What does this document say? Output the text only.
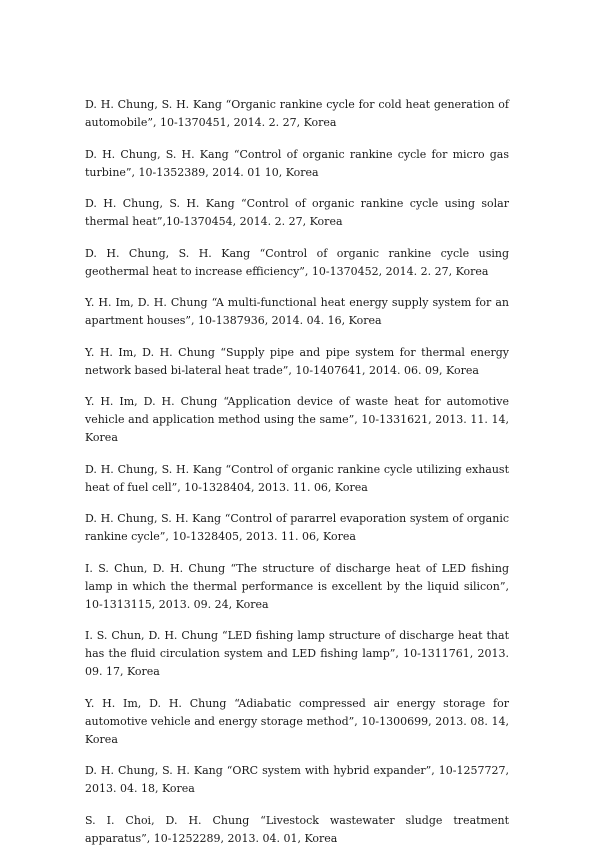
D. H. Chung, S. H. Kang “Organic rankine cycle for cold heat generation of automobile”, 10-1370451, 2014. 2. 27, Korea
D. H. Chung, S. H. Kang “Control of organic rankine cycle for micro gas turbine”, 10-1352389, 2014. 01 10, Korea
D. H. Chung, S. H. Kang “Control of organic rankine cycle using solar thermal heat”,10-1370454, 2014. 2. 27, Korea
D. H. Chung, S. H. Kang “Control of organic rankine cycle using geothermal heat to increase efficiency”, 10-1370452, 2014. 2. 27, Korea
Y. H. Im, D. H. Chung “A multi-functional heat energy supply system for an apartment houses”, 10-1387936, 2014. 04. 16, Korea
Y. H. Im, D. H. Chung “Supply pipe and pipe system for thermal energy network based bi-lateral heat trade”, 10-1407641, 2014. 06. 09, Korea
Y. H. Im, D. H. Chung “Application device of waste heat for automotive vehicle and application method using the same”, 10-1331621, 2013. 11. 14, Korea
D. H. Chung, S. H. Kang “Control of organic rankine cycle utilizing exhaust heat of fuel cell”, 10-1328404, 2013. 11. 06, Korea
D. H. Chung, S. H. Kang “Control of pararrel evaporation system of organic rankine cycle”, 10-1328405, 2013. 11. 06, Korea
I. S. Chun, D. H. Chung “The structure of discharge heat of LED fishing lamp in which the thermal performance is excellent by the liquid silicon”, 10-1313115, 2013. 09. 24, Korea
I. S. Chun, D. H. Chung “LED fishing lamp structure of discharge heat that has the fluid circulation system and LED fishing lamp”, 10-1311761, 2013. 09. 17, Korea
Y. H. Im, D. H. Chung “Adiabatic compressed air energy storage for automotive vehicle and energy storage method”, 10-1300699, 2013. 08. 14, Korea
D. H. Chung, S. H. Kang “ORC system with hybrid expander”, 10-1257727, 2013. 04. 18, Korea
S. I. Choi, D. H. Chung “Livestock wastewater sludge treatment apparatus”, 10-1252289, 2013. 04. 01, Korea
